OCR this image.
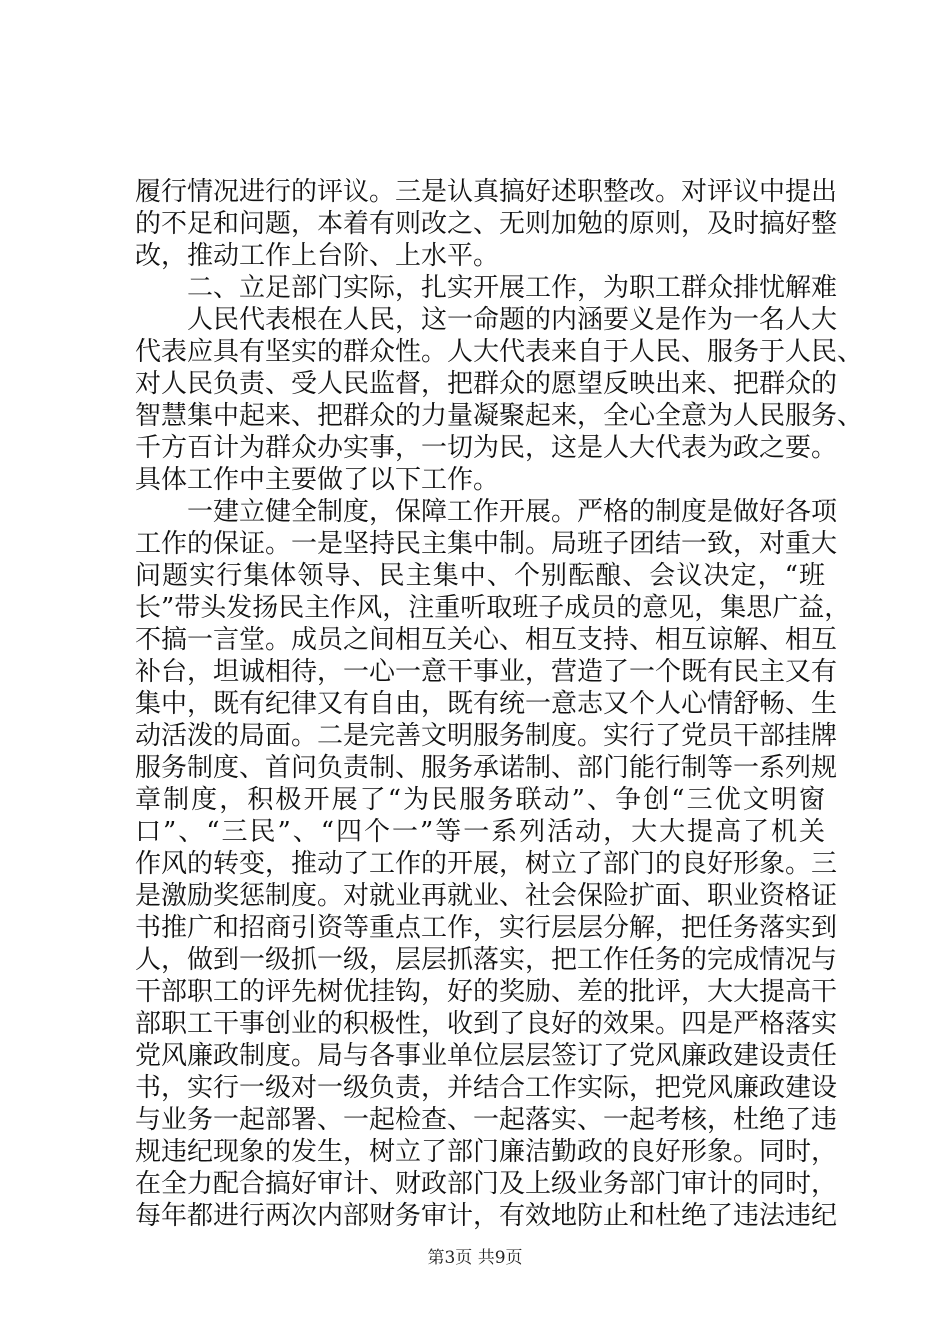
履行情况进行的评议。三是认真搞好述职整改。对评议中提出
的不足和问题，本着有则改之、无则加勉的原则，及时搞好整
改，推动工作上台阶、上水平。
　　二、立足部门实际，扎实开展工作，为职工群众排忧解难
　　人民代表根在人民，这一命题的内涵要义是作为一名人大
代表应具有坚实的群众性。人大代表来自于人民、服务于人民、
对人民负责、受人民监督，把群众的愿望反映出来、把群众的
智慧集中起来、把群众的力量凝聚起来，全心全意为人民服务、
千方百计为群众办实事，一切为民，这是人大代表为政之要。
具体工作中主要做了以下工作。
　　一建立健全制度，保障工作开展。严格的制度是做好各项
工作的保证。一是坚持民主集中制。局班子团结一致，对重大
问题实行集体领导、民主集中、个别酝酿、会议决定，“班
长”带头发扬民主作风，注重听取班子成员的意见，集思广益，
不搞一言堂。成员之间相互关心、相互支持、相互谅解、相互
补台，坦诚相待，一心一意干事业，营造了一个既有民主又有
集中，既有纪律又有自由，既有统一意志又个人心情舒畅、生
动活泼的局面。二是完善文明服务制度。实行了党员干部挂牌
服务制度、首问负责制、服务承诺制、部门能行制等一系列规
章制度，积极开展了“为民服务联动”、争创“三优文明窗
口”、“三民”、“四个一”等一系列活动，大大提高了机关
作风的转变，推动了工作的开展，树立了部门的良好形象。三
是激励奖惩制度。对就业再就业、社会保险扩面、职业资格证
书推广和招商引资等重点工作，实行层层分解，把任务落实到
人，做到一级抓一级，层层抓落实，把工作任务的完成情况与
干部职工的评先树优挂钩，好的奖励、差的批评，大大提高干
部职工干事创业的积极性，收到了良好的效果。四是严格落实
党风廉政制度。局与各事业单位层层签订了党风廉政建设责任
书，实行一级对一级负责，并结合工作实际，把党风廉政建设
与业务一起部署、一起检查、一起落实、一起考核，杜绝了违
规违纪现象的发生，树立了部门廉洁勤政的良好形象。同时，
在全力配合搞好审计、财政部门及上级业务部门审计的同时，
每年都进行两次内部财务审计，有效地防止和杜绝了违法违纪
第3页 共9页
